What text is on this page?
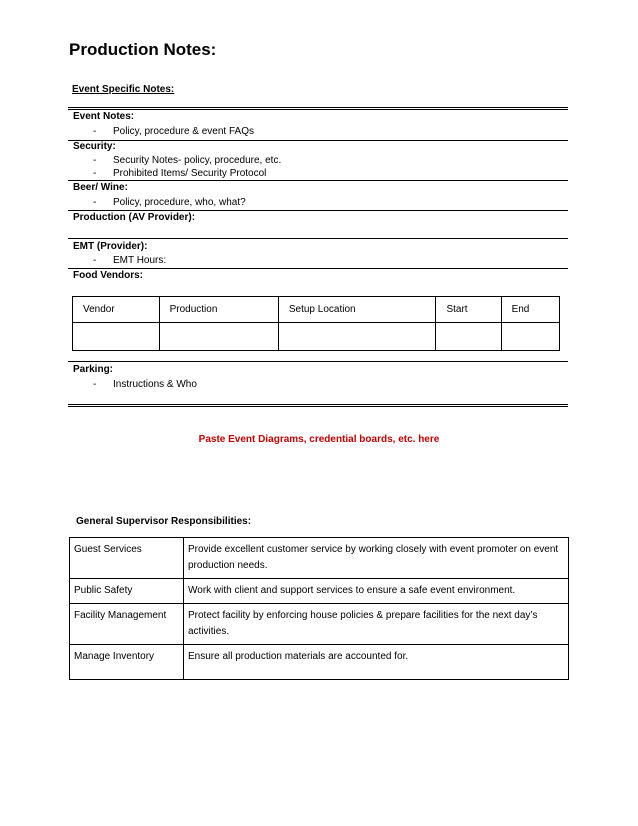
Production Notes:
Event Specific Notes:
Event Notes:
- Policy, procedure & event FAQs
Security:
- Security Notes- policy, procedure, etc.
- Prohibited Items/ Security Protocol
Beer/ Wine:
- Policy, procedure, who, what?
Production (AV Provider):
EMT (Provider):
- EMT Hours:
Food Vendors:
Vendor	Production	Setup Location	Start	End

Parking:
- Instructions & Who
Paste Event Diagrams, credential boards, etc. here
General Supervisor Responsibilities:
Guest Services	Provide excellent customer service by working closely with event promoter on event production needs.
Public Safety	Work with client and support services to ensure a safe event environment.
Facility Management	Protect facility by enforcing house policies & prepare facilities for the next day’s activities.
Manage Inventory	Ensure all production materials are accounted for.
